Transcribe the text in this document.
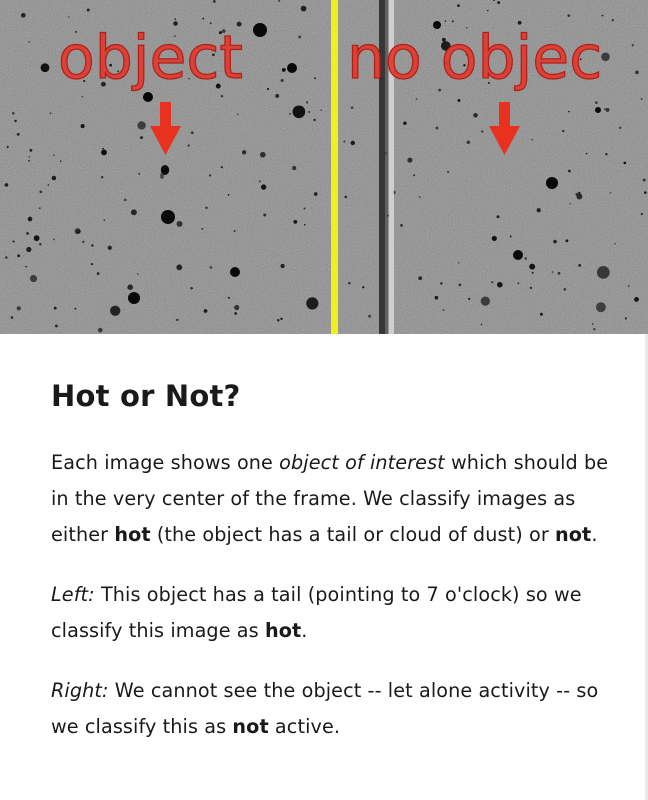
object no objec
Hot or Not?

Each image shows one object of interest which should be in the very center of the frame. We classify images as either hot (the object has a tail or cloud of dust) or not.

Left: This object has a tail (pointing to 7 o'clock) so we classify this image as hot.

Right: We cannot see the object -- let alone activity -- so we classify this as not active.
